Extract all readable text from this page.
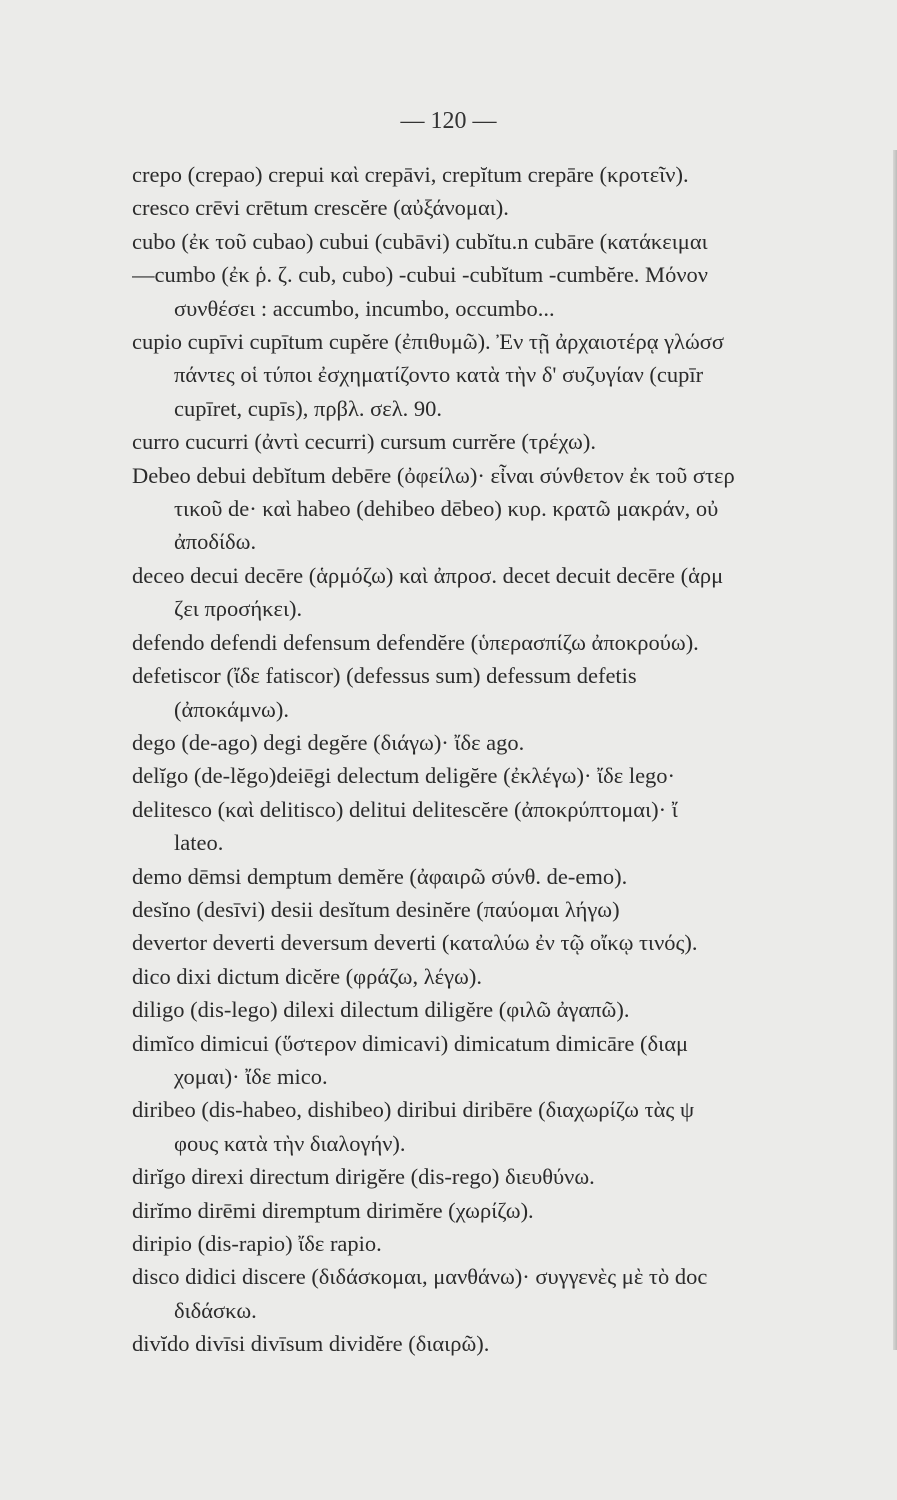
— 120 —
crepo (crepao) crepui καὶ crepāvi, crepĭtum crepāre (κροτεῖν).
cresco crēvi crētum crescĕre (αὐξάνομαι).
cubo (ἐκ τοῦ cubao) cubui (cubāvi) cubĭtu.n cubāre (κατάκειμαι
—cumbo (ἐκ ῥ. ζ. cub, cubo) -cubui -cubĭtum -cumbĕre. Μόνον
συνθέσει : accumbo, incumbo, occumbo...
cupio cupīvi cupītum cupĕre (ἐπιθυμῶ). Ἐν τῇ ἀρχαιοτέρᾳ γλώσσ
πάντες οἱ τύποι ἐσχηματίζοντο κατὰ τὴν δ' συζυγίαν (cupīr
cupīret, cupīs), πρβλ. σελ. 90.
curro cucurri (ἀντὶ cecurri) cursum currĕre (τρέχω).
Debeo debui debĭtum debēre (ὀφείλω)· εἶναι σύνθετον ἐκ τοῦ στερ
τικοῦ de· καὶ habeo (dehibeo dēbeo) κυρ. κρατῶ μακράν, οὐ
ἀποδίδω.
deceo decui decēre (ἁρμόζω) καὶ ἀπροσ. decet decuit decēre (ἁρμ
ζει προσήκει).
defendo defendi defensum defendĕre (ὑπερασπίζω ἀποκρούω).
defetiscor (ἴδε fatiscor) (defessus sum) defessum defetis
(ἀποκάμνω).
dego (de-ago) degi degĕre (διάγω)· ἴδε ago.
delĭgo (de-lĕgo)deiēgi delectum deligĕre (ἐκλέγω)· ἴδε lego·
delitesco (καὶ delitisco) delitui delitescĕre (ἀποκρύπτομαι)· ἴ
lateo.
demo dēmsi demptum demĕre (ἀφαιρῶ σύνθ. de-emo).
desĭno (desīvi) desii desĭtum desinĕre (παύομαι λήγω)
devertor deverti deversum deverti (καταλύω ἐν τῷ οἴκῳ τινός).
dico dixi dictum dicĕre (φράζω, λέγω).
diligo (dis-lego) dilexi dilectum diligĕre (φιλῶ ἀγαπῶ).
dimĭco dimicui (ὕστερον dimicavi) dimicatum dimicāre (διαμ
χομαι)· ἴδε mico.
diribeo (dis-habeo, dishibeo) diribui diribēre (διαχωρίζω τὰς ψ
φους κατὰ τὴν διαλογήν).
dirĭgo direxi directum dirigĕre (dis-rego) διευθύνω.
dirĭmo dirēmi diremptum dirimĕre (χωρίζω).
diripio (dis-rapio) ἴδε rapio.
disco didici discere (διδάσκομαι, μανθάνω)· συγγενὲς μὲ τὸ doc
διδάσκω.
divĭdo divīsi divīsum dividĕre (διαιρῶ).
